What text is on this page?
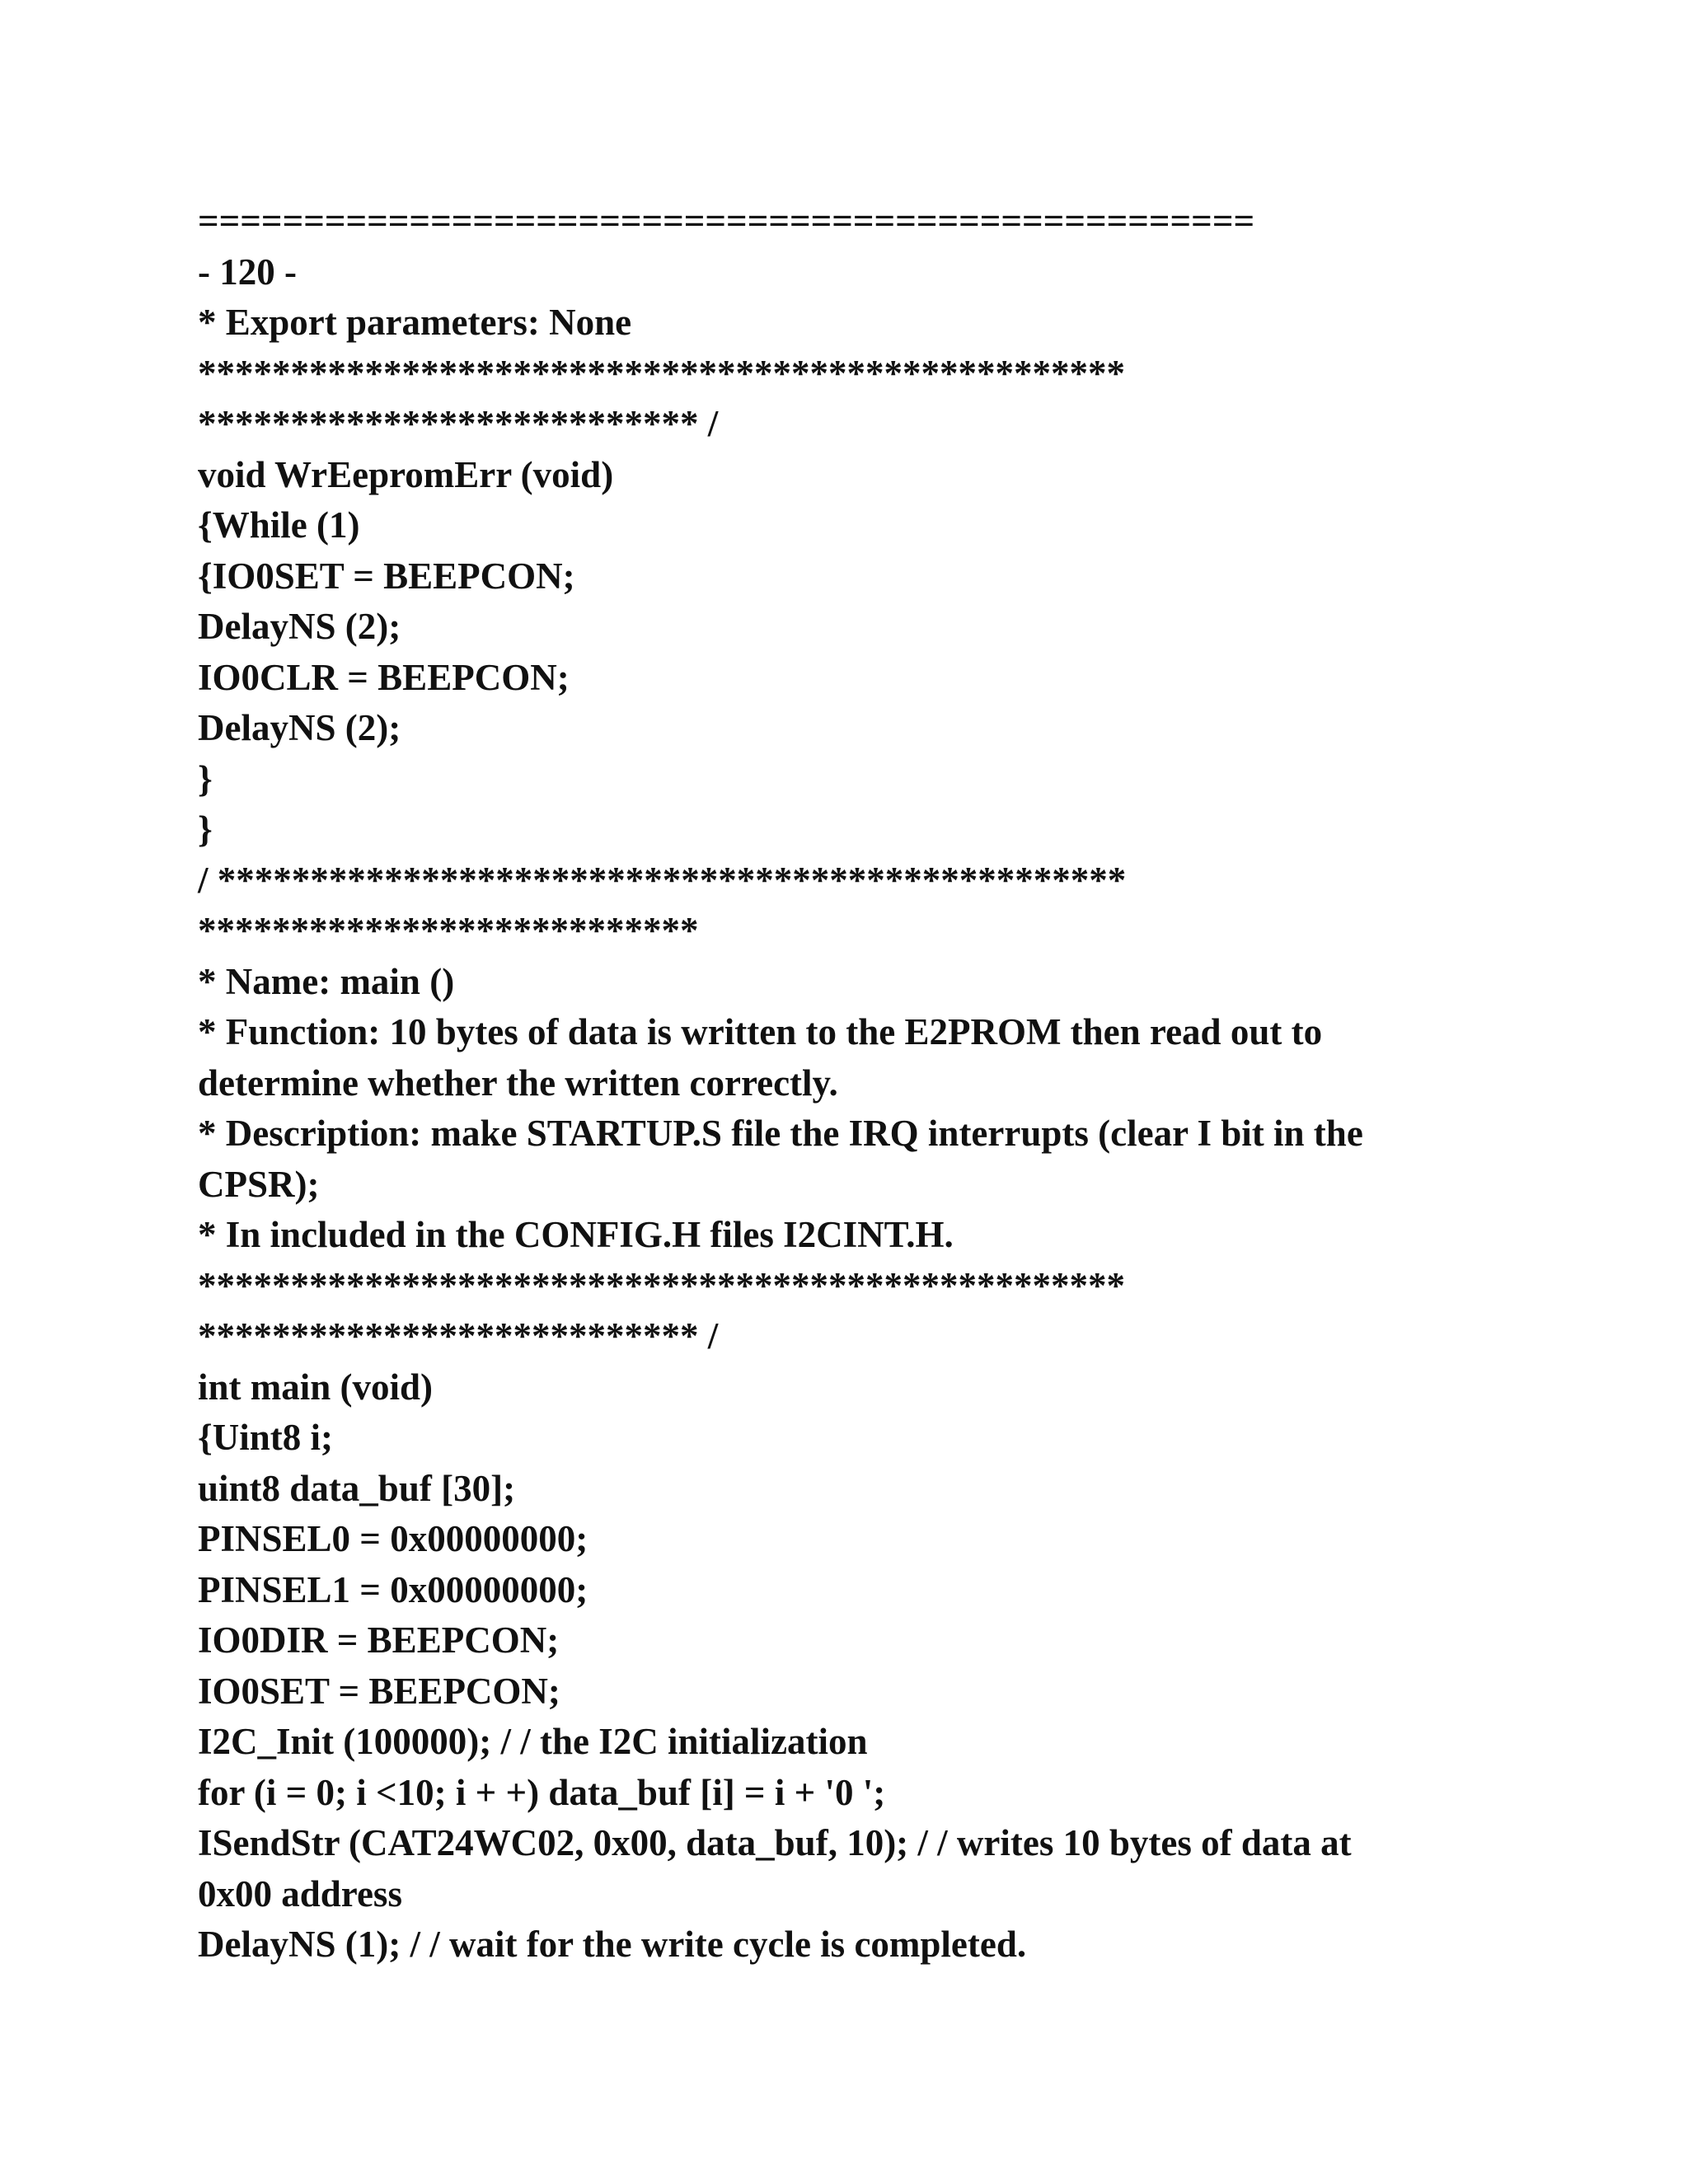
==================================================
- 120 -
* Export parameters: None
**************************************************
*************************** /
void WrEepromErr (void)
{While (1)
{IO0SET = BEEPCON;
DelayNS (2);
IO0CLR = BEEPCON;
DelayNS (2);
}
}
/ *************************************************
***************************
* Name: main ()
* Function: 10 bytes of data is written to the E2PROM then read out to
determine whether the written correctly.
* Description: make STARTUP.S file the IRQ interrupts (clear I bit in the
CPSR);
* In included in the CONFIG.H files I2CINT.H.
**************************************************
*************************** /
int main (void)
{Uint8 i;
uint8 data_buf [30];
PINSEL0 = 0x00000000;
PINSEL1 = 0x00000000;
IO0DIR = BEEPCON;
IO0SET = BEEPCON;
I2C_Init (100000); / / the I2C initialization
for (i = 0; i <10; i + +) data_buf [i] = i + '0 ';
ISendStr (CAT24WC02, 0x00, data_buf, 10); / / writes 10 bytes of data at
0x00 address
DelayNS (1); / / wait for the write cycle is completed.
